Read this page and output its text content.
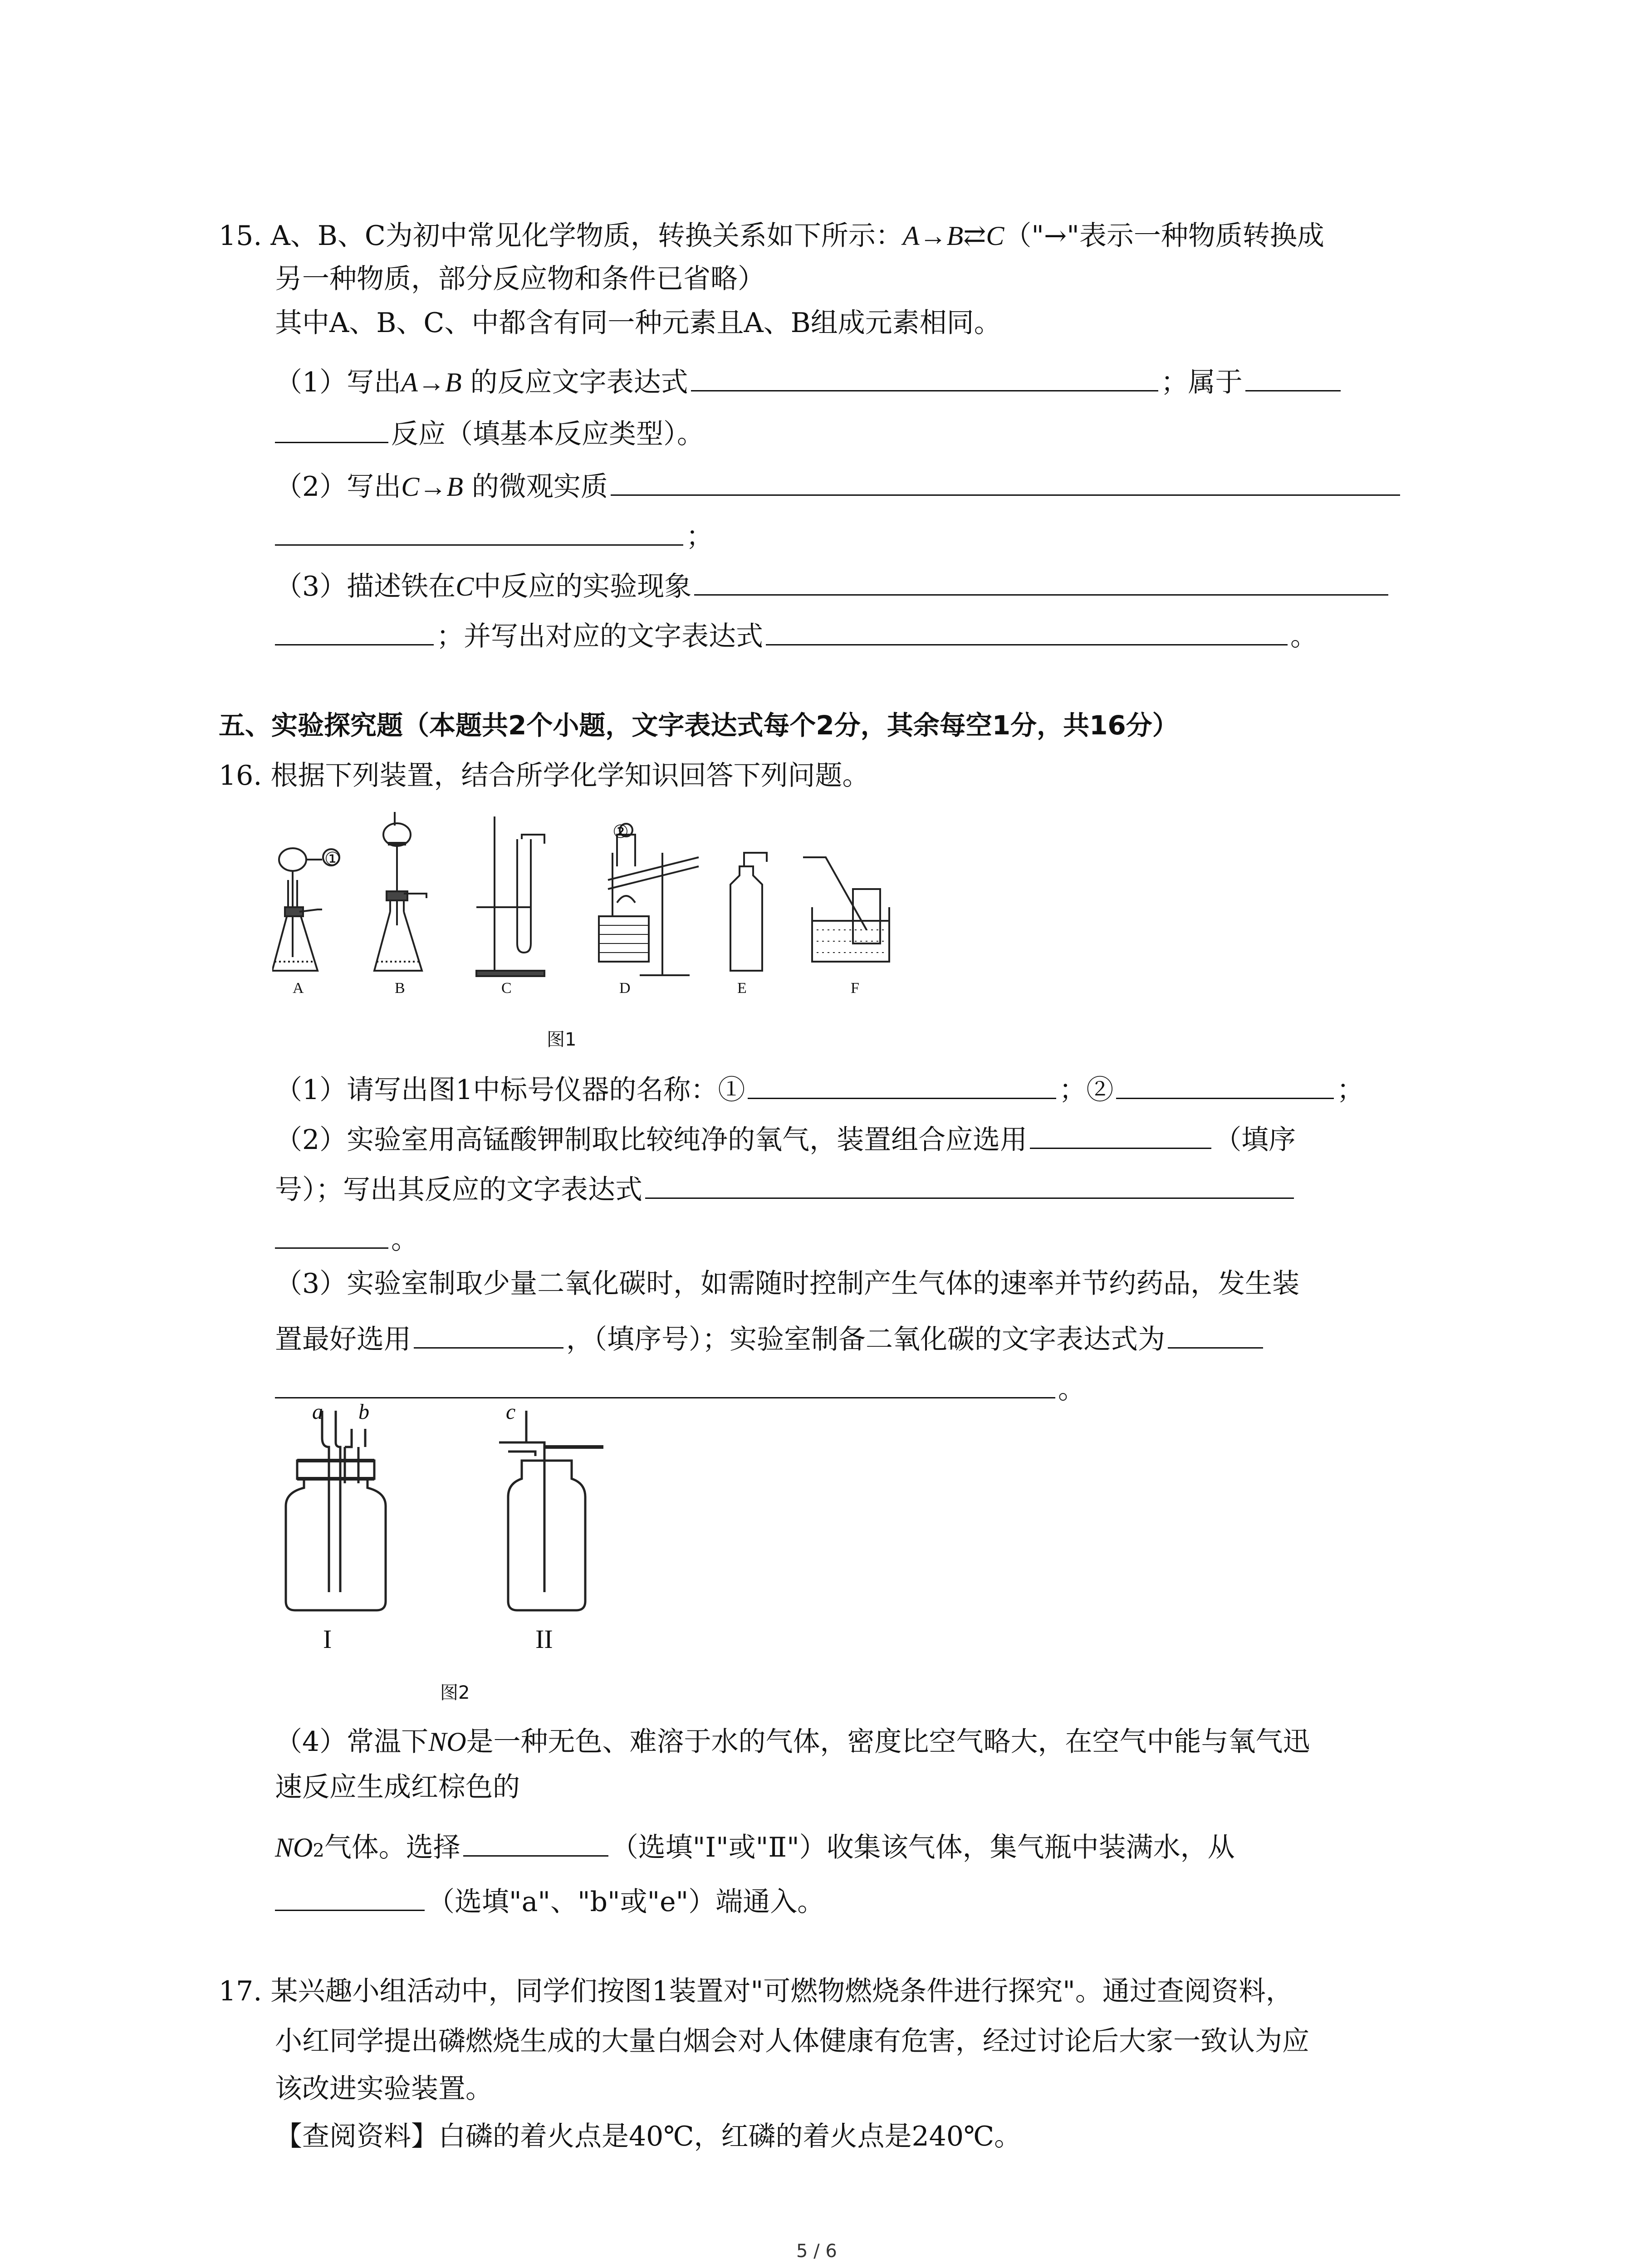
15. A、B、C为初中常见化学物质，转换关系如下所示：A→B⇄C（"→"表示一种物质转换成
另一种物质，部分反应物和条件已省略）
其中A、B、C、中都含有同一种元素且A、B组成元素相同。
（1）写出A→B 的反应文字表达式	；属于
反应（填基本反应类型）。
（2）写出C→B 的微观实质
；
（3）描述铁在C中反应的实验现象
；并写出对应的文字表达式	。
五、实验探究题（本题共2个小题，文字表达式每个2分，其余每空1分，共16分）
16. 根据下列装置，结合所学化学知识回答下列问题。
A	B	C	D	E	F
①
②
图1
（1）请写出图1中标号仪器的名称：①	；②	；
（2）实验室用高锰酸钾制取比较纯净的氧气，装置组合应选用	（填序
号）；写出其反应的文字表达式
。
（3）实验室制取少量二氧化碳时，如需随时控制产生气体的速率并节约药品，发生装
置最好选用	，（填序号）；实验室制备二氧化碳的文字表达式为
。
a b	c
I	II
图2
（4）常温下NO是一种无色、难溶于水的气体，密度比空气略大，在空气中能与氧气迅
速反应生成红棕色的
NO2气体。选择	（选填"I"或"Ⅱ"）收集该气体，集气瓶中装满水，从
（选填"a"、"b"或"e"）端通入。
17. 某兴趣小组活动中，同学们按图1装置对"可燃物燃烧条件进行探究"。通过查阅资料，
小红同学提出磷燃烧生成的大量白烟会对人体健康有危害，经过讨论后大家一致认为应
该改进实验装置。
【查阅资料】白磷的着火点是40℃，红磷的着火点是240℃。
5 / 6
